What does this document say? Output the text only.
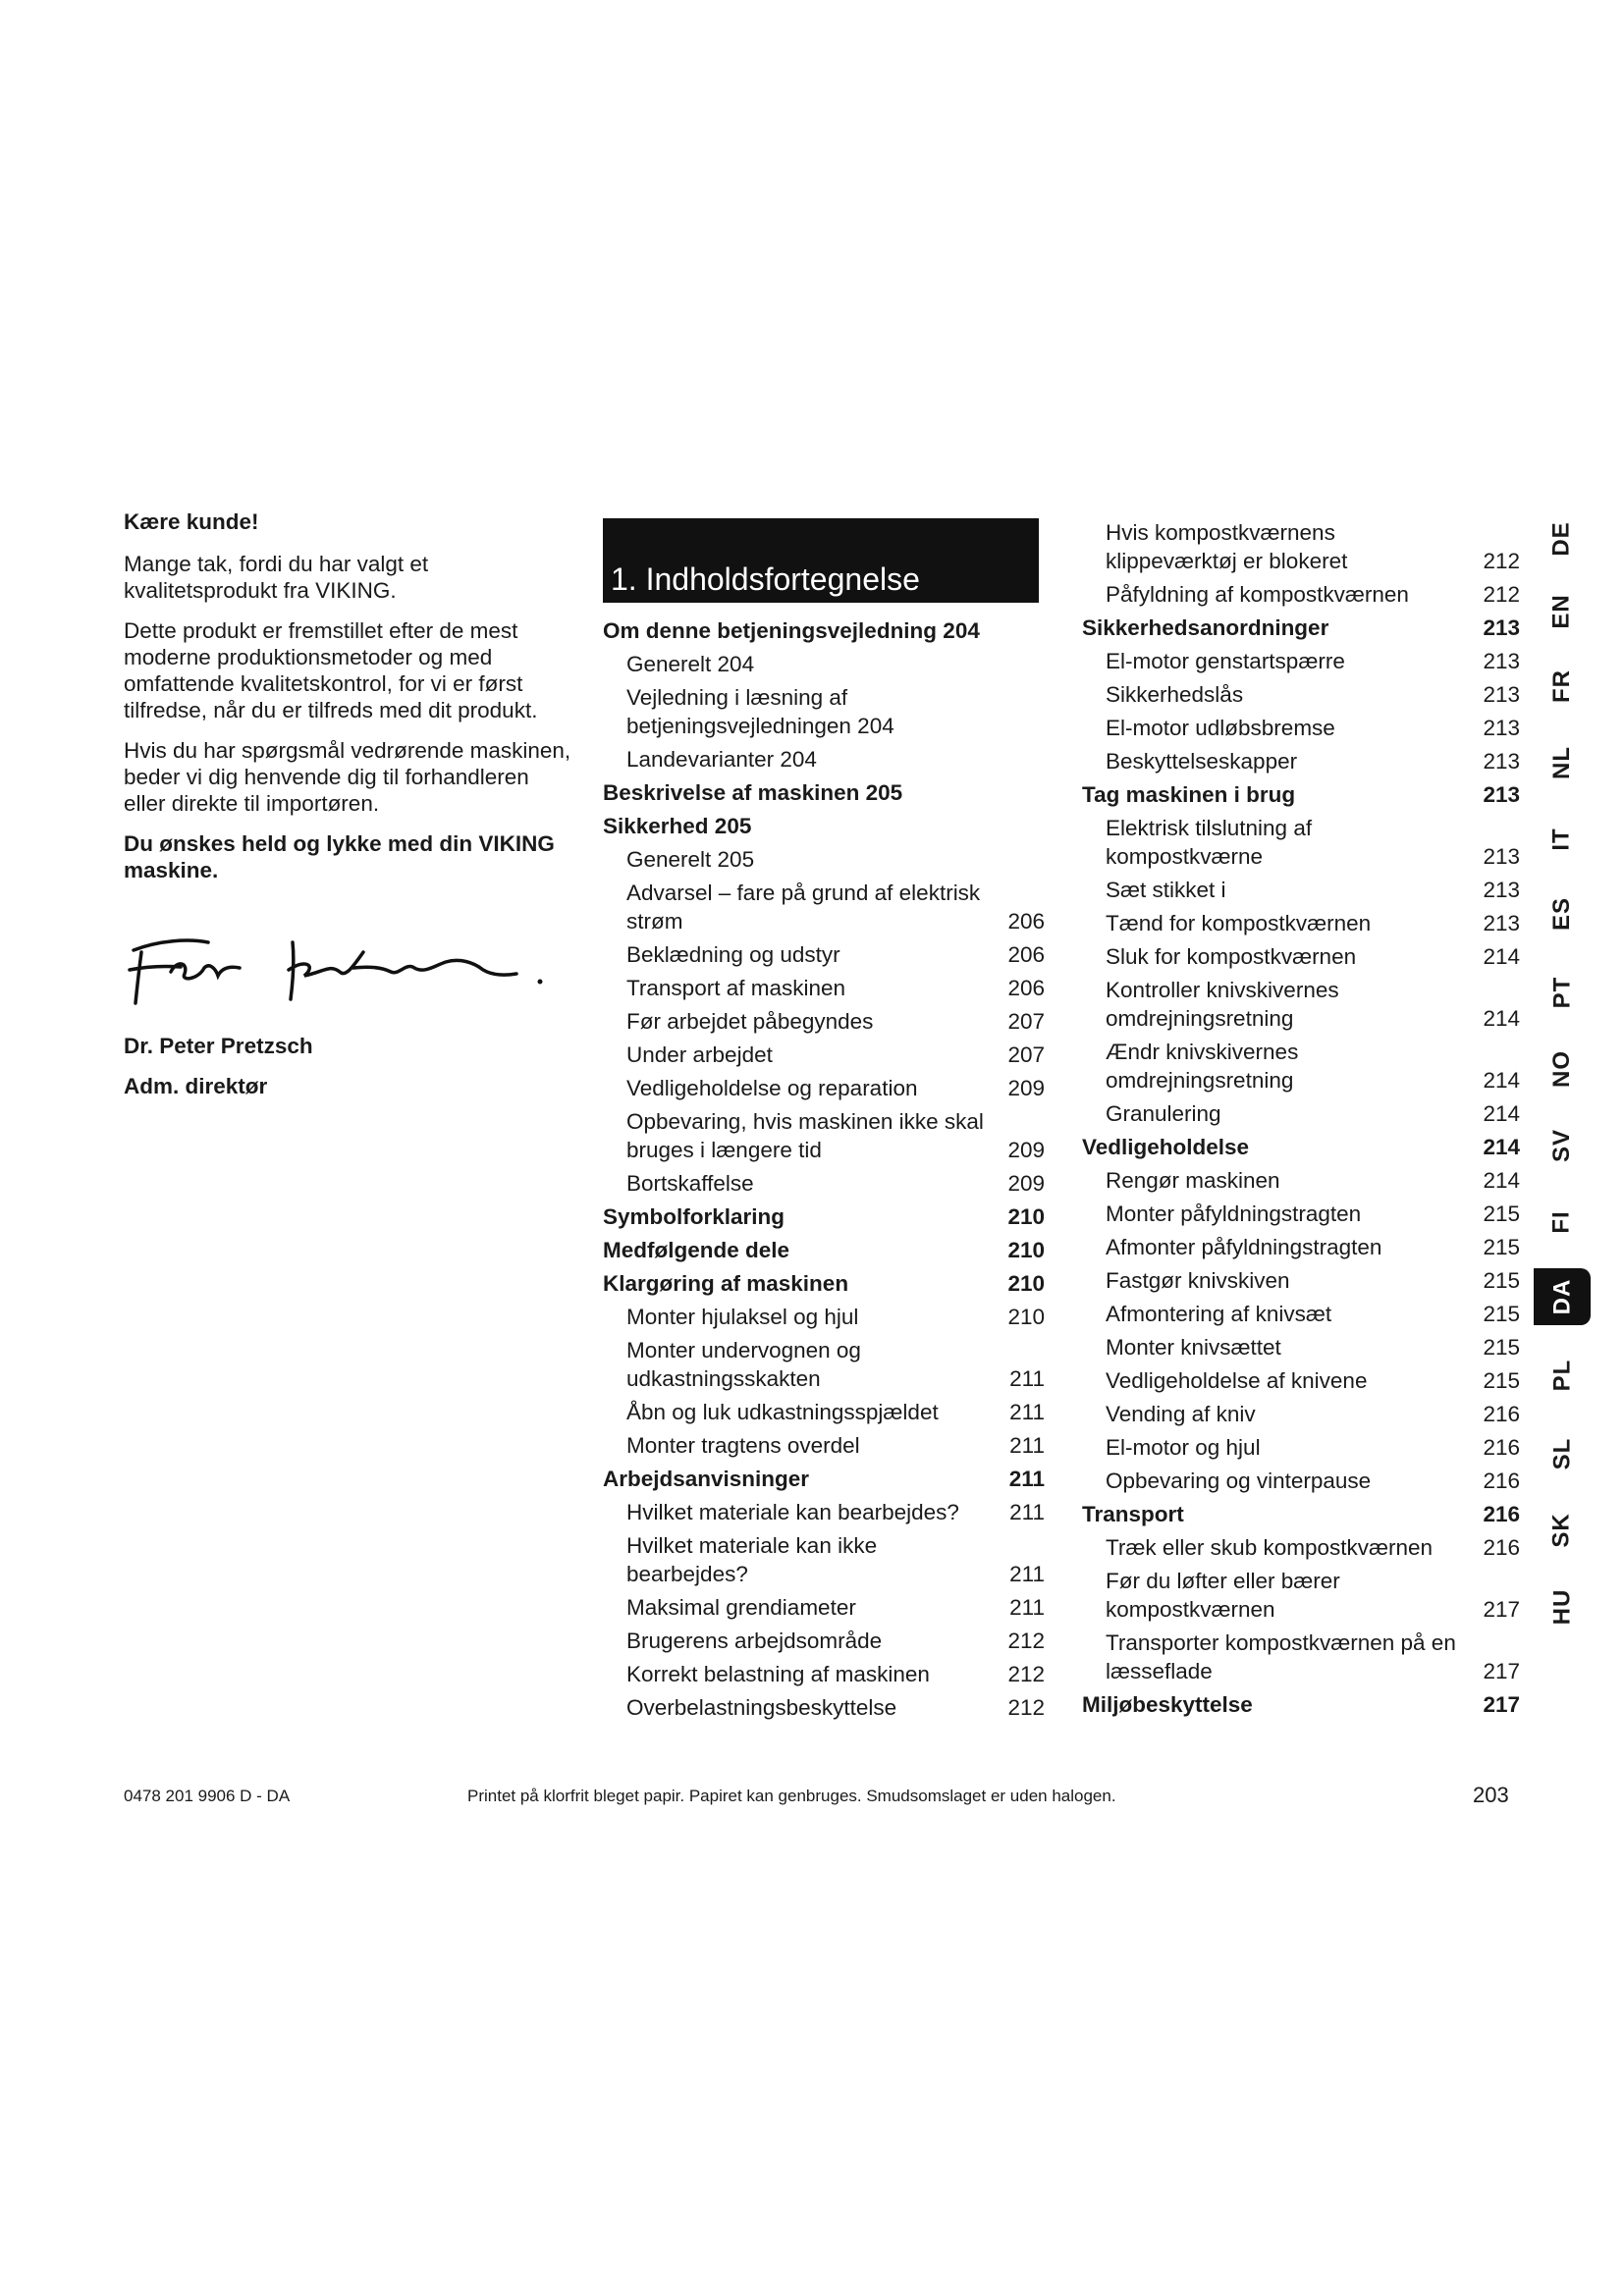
Kære kunde!

Mange tak, fordi du har valgt et kvalitetsprodukt fra VIKING.

Dette produkt er fremstillet efter de mest moderne produktionsmetoder og med omfattende kvalitetskontrol, for vi er først tilfredse, når du er tilfreds med dit produkt.

Hvis du har spørgsmål vedrørende maskinen, beder vi dig henvende dig til forhandleren eller direkte til importøren.

Du ønskes held og lykke med din VIKING maskine.

Dr. Peter Pretzsch

Adm. direktør

1. Indholdsfortegnelse
Om denne betjeningsvejledning 204
Generelt 204
Vejledning i læsning af betjeningsvejledningen 204
Landevarianter 204
Beskrivelse af maskinen 205
Sikkerhed 205
Generelt 205
Advarsel – fare på grund af elektrisk strøm	206
Beklædning og udstyr	206
Transport af maskinen	206
Før arbejdet påbegyndes	207
Under arbejdet	207
Vedligeholdelse og reparation	209
Opbevaring, hvis maskinen ikke skal bruges i længere tid	209
Bortskaffelse	209
Symbolforklaring	210
Medfølgende dele	210
Klargøring af maskinen	210
Monter hjulaksel og hjul	210
Monter undervognen og udkastningsskakten	211
Åbn og luk udkastningsspjældet	211
Monter tragtens overdel	211
Arbejdsanvisninger	211
Hvilket materiale kan bearbejdes?	211
Hvilket materiale kan ikke bearbejdes?	211
Maksimal grendiameter	211
Brugerens arbejdsområde	212
Korrekt belastning af maskinen	212
Overbelastningsbeskyttelse	212
Hvis kompostkværnens klippeværktøj er blokeret	212
Påfyldning af kompostkværnen	212
Sikkerhedsanordninger	213
El-motor genstartspærre	213
Sikkerhedslås	213
El-motor udløbsbremse	213
Beskyttelseskapper	213
Tag maskinen i brug	213
Elektrisk tilslutning af kompostkværne	213
Sæt stikket i	213
Tænd for kompostkværnen	213
Sluk for kompostkværnen	214
Kontroller knivskivernes omdrejningsretning	214
Ændr knivskivernes omdrejningsretning	214
Granulering	214
Vedligeholdelse	214
Rengør maskinen	214
Monter påfyldningstragten	215
Afmonter påfyldningstragten	215
Fastgør knivskiven	215
Afmontering af knivsæt	215
Monter knivsættet	215
Vedligeholdelse af knivene	215
Vending af kniv	216
El-motor og hjul	216
Opbevaring og vinterpause	216
Transport	216
Træk eller skub kompostkværnen	216
Før du løfter eller bærer kompostkværnen	217
Transporter kompostkværnen på en læsseflade	217
Miljøbeskyttelse	217
DE
EN
FR
NL
IT
ES
PT
NO
SV
FI
DA
PL
SL
SK
HU
0478 201 9906 D - DA	Printet på klorfrit bleget papir. Papiret kan genbruges. Smudsomslaget er uden halogen.	203
